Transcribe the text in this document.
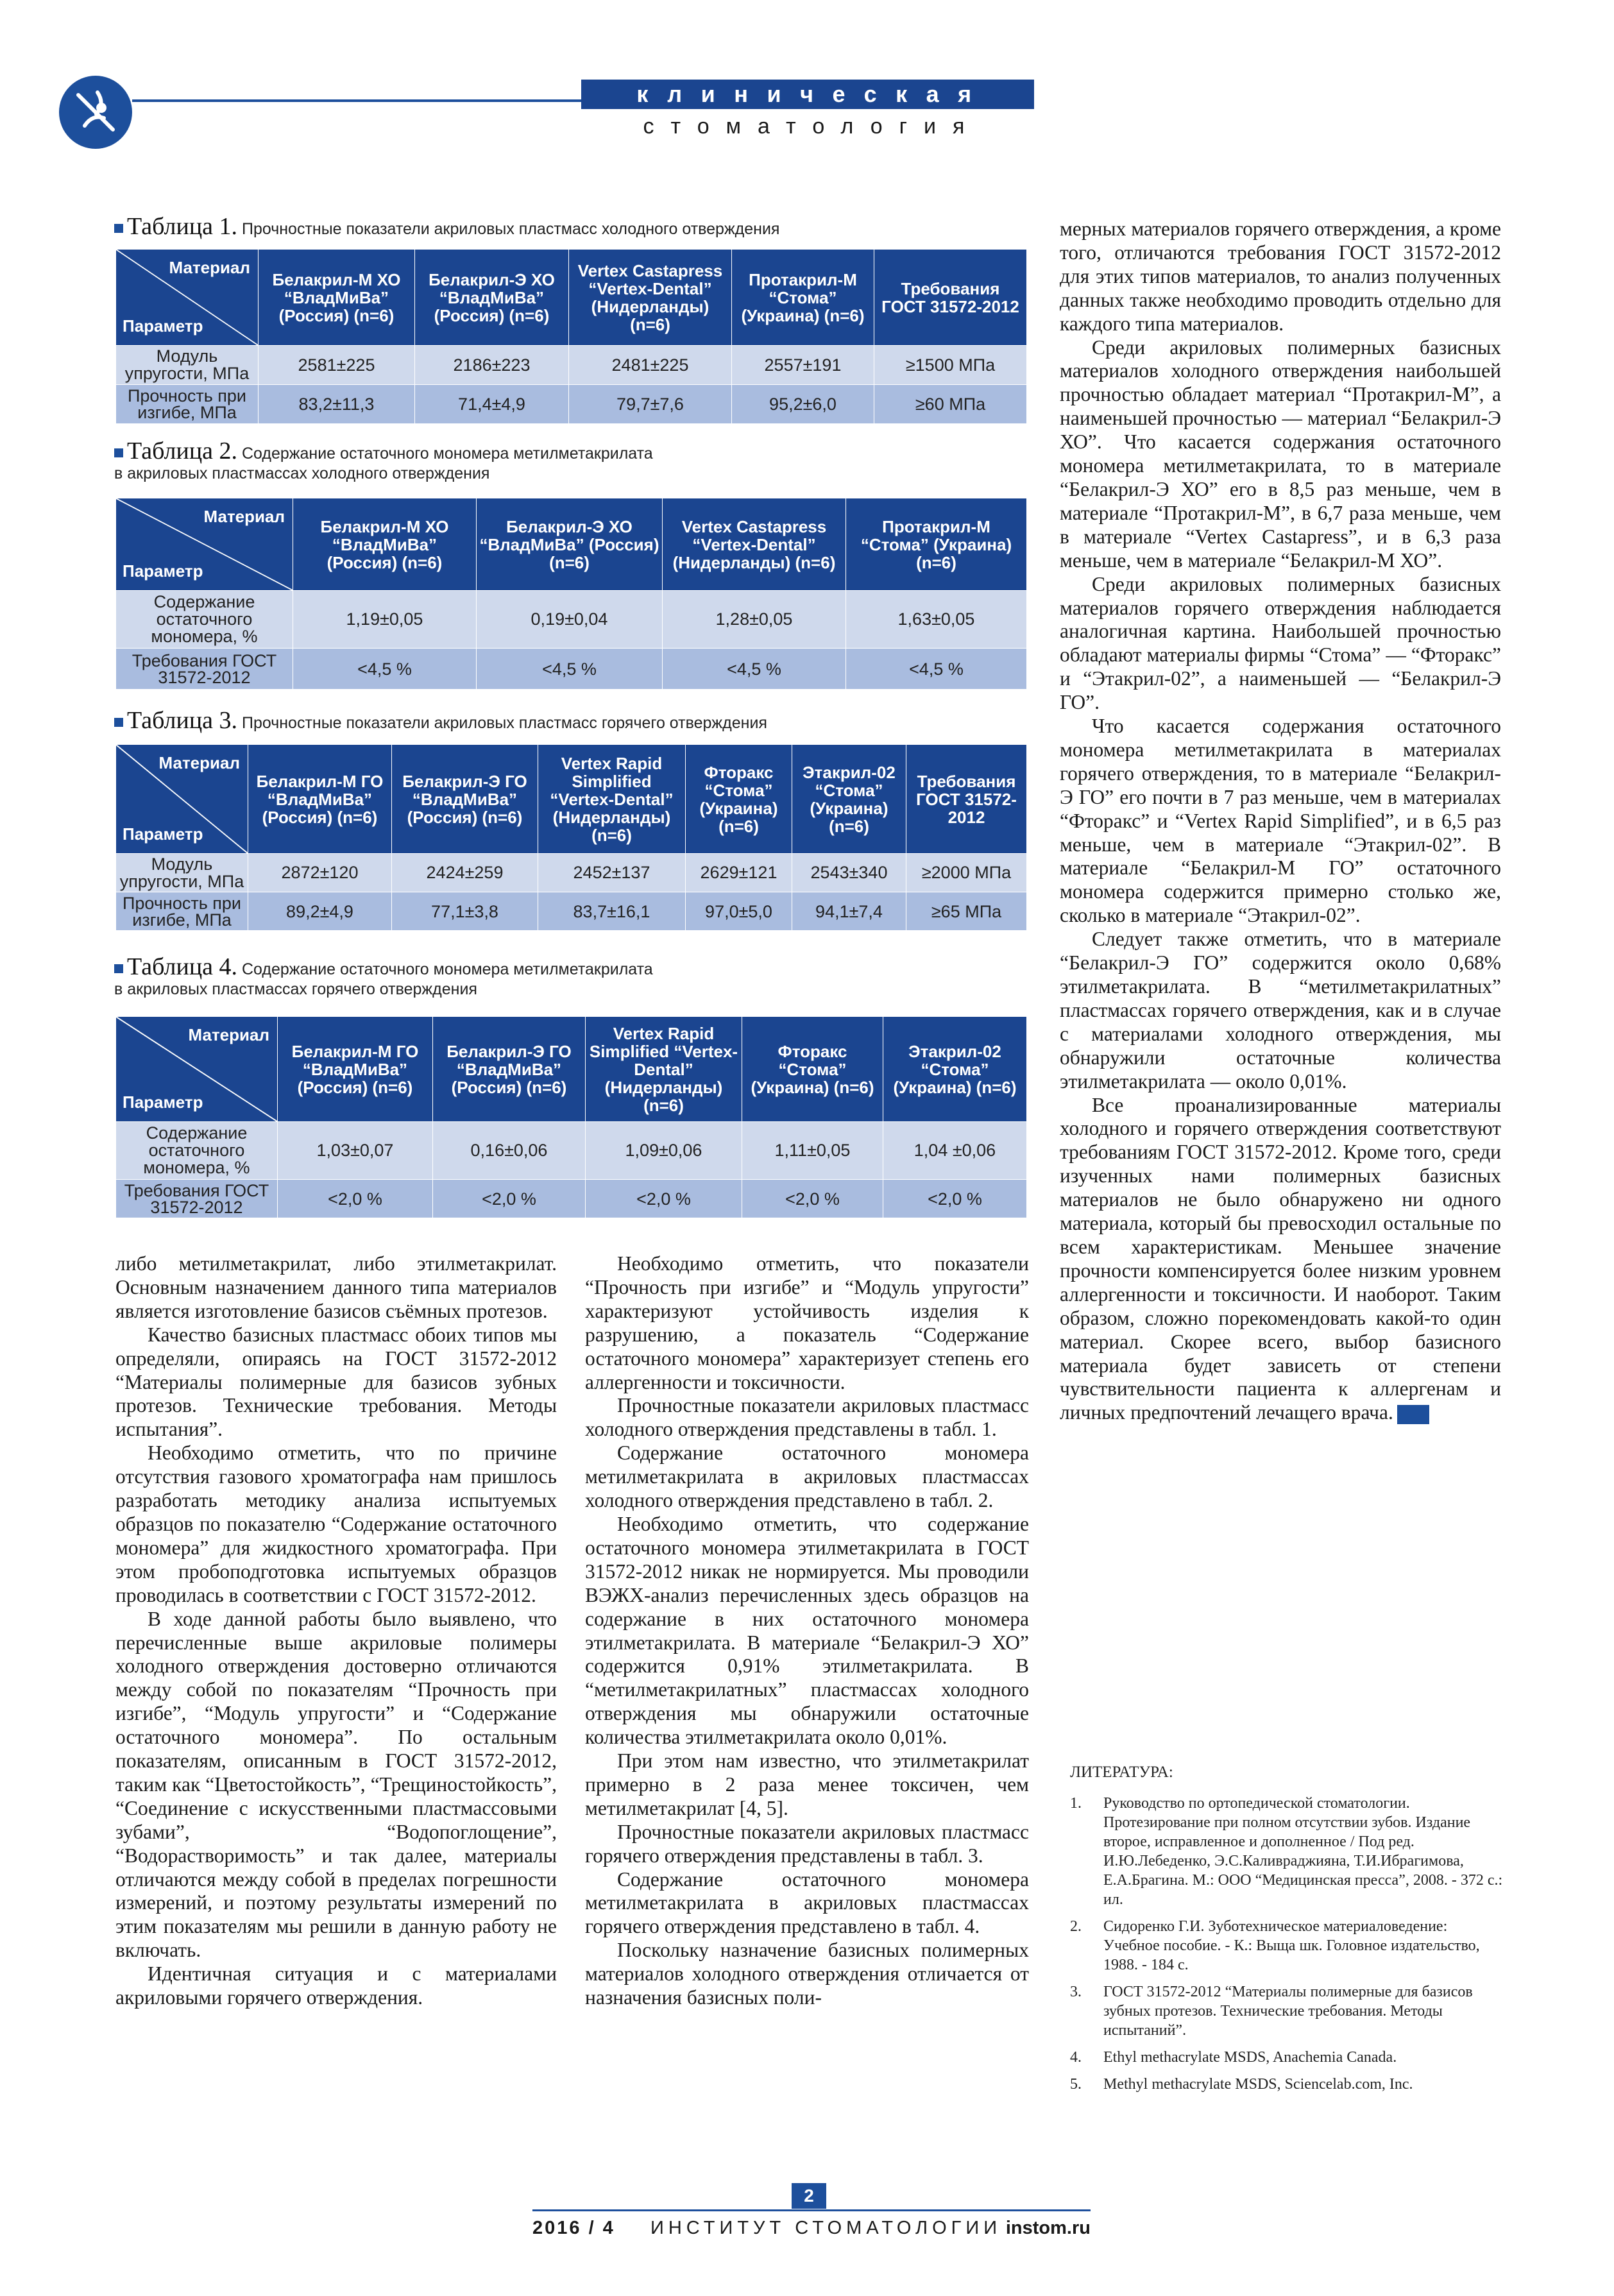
клиническая
стоматология
Таблица 1. Прочностные показатели акриловых пластмасс холодного отверждения
Материал
Параметр	Белакрил-М ХО “ВладМиВа” (Россия) (n=6)	Белакрил-Э ХО “ВладМиВа” (Россия) (n=6)	Vertex Castapress “Vertex-Dental” (Нидерланды) (n=6)	Протакрил-М “Стома” (Украина) (n=6)	Требования ГОСТ 31572-2012
Модуль упругости, МПа	2581±225	2186±223	2481±225	2557±191	≥1500 МПа
Прочность при изгибе, МПа	83,2±11,3	71,4±4,9	79,7±7,6	95,2±6,0	≥60 МПа
Таблица 2. Содержание остаточного мономера метилметакрилата
в акриловых пластмассах холодного отверждения
Материал
Параметр	Белакрил-М ХО “ВладМиВа” (Россия) (n=6)	Белакрил-Э ХО “ВладМиВа” (Россия) (n=6)	Vertex Castapress “Vertex-Dental” (Нидерланды) (n=6)	Протакрил-М “Стома” (Украина) (n=6)
Содержание остаточного мономера, %	1,19±0,05	0,19±0,04	1,28±0,05	1,63±0,05
Требования ГОСТ 31572-2012	<4,5 %	<4,5 %	<4,5 %	<4,5 %
Таблица 3. Прочностные показатели акриловых пластмасс горячего отверждения
Материал
Параметр	Белакрил-М ГО “ВладМиВа” (Россия) (n=6)	Белакрил-Э ГО “ВладМиВа” (Россия) (n=6)	Vertex Rapid Simplified “Vertex-Dental” (Нидерланды) (n=6)	Фторакс “Стома” (Украина) (n=6)	Этакрил-02 “Стома” (Украина) (n=6)	Требования ГОСТ 31572-2012
Модуль упругости, МПа	2872±120	2424±259	2452±137	2629±121	2543±340	≥2000 МПа
Прочность при изгибе, МПа	89,2±4,9	77,1±3,8	83,7±16,1	97,0±5,0	94,1±7,4	≥65 МПа
Таблица 4. Содержание остаточного мономера метилметакрилата
в акриловых пластмассах горячего отверждения
Материал
Параметр	Белакрил-М ГО “ВладМиВа” (Россия) (n=6)	Белакрил-Э ГО “ВладМиВа” (Россия) (n=6)	Vertex Rapid Simplified “Vertex-Dental” (Нидерланды) (n=6)	Фторакс “Стома” (Украина) (n=6)	Этакрил-02 “Стома” (Украина) (n=6)
Содержание остаточного мономера, %	1,03±0,07	0,16±0,06	1,09±0,06	1,11±0,05	1,04 ±0,06
Требования ГОСТ 31572-2012	<2,0 %	<2,0 %	<2,0 %	<2,0 %	<2,0 %

либо метилметакрилат, либо этилметакрилат. Основным назначением данного типа материалов является изготовление базисов съёмных протезов.

Качество базисных пластмасс обоих типов мы определяли, опираясь на ГОСТ 31572-2012 “Материалы полимерные для базисов зубных протезов. Технические требования. Методы испытания”.

Необходимо отметить, что по причине отсутствия газового хроматографа нам пришлось разработать методику анализа испытуемых образцов по показателю “Содержание остаточного мономера” для жидкостного хроматографа. При этом пробоподготовка испытуемых образцов проводилась в соответствии с ГОСТ 31572-2012.

В ходе данной работы было выявлено, что перечисленные выше акриловые полимеры холодного отверждения достоверно отличаются между собой по показателям “Прочность при изгибе”, “Модуль упругости” и “Содержание остаточного мономера”. По остальным показателям, описанным в ГОСТ 31572-2012, таким как “Цветостойкость”, “Трещиностойкость”, “Соединение с искусственными пластмассовыми зубами”, “Водопоглощение”, “Водорастворимость” и так далее, материалы отличаются между собой в пределах погрешности измерений, и поэтому результаты измерений по этим показателям мы решили в данную работу не включать.

Идентичная ситуация и с материалами акриловыми горячего отверждения.

Необходимо отметить, что показатели “Прочность при изгибе” и “Модуль упругости” характеризуют устойчивость изделия к разрушению, а показатель “Содержание остаточного мономера” характеризует степень его аллергенности и токсичности.

Прочностные показатели акриловых пластмасс холодного отверждения представлены в табл. 1.

Содержание остаточного мономера метилметакрилата в акриловых пластмассах холодного отверждения представлено в табл. 2.

Необходимо отметить, что содержание остаточного мономера этилметакрилата в ГОСТ 31572-2012 никак не нормируется. Мы проводили ВЭЖХ-анализ перечисленных здесь образцов на содержание в них остаточного мономера этилметакрилата. В материале “Белакрил-Э ХО” содержится 0,91% этилметакрилата. В “метилметакрилатных” пластмассах холодного отверждения мы обнаружили остаточные количества этилметакрилата около 0,01%.

При этом нам известно, что этилметакрилат примерно в 2 раза менее токсичен, чем метилметакрилат [4, 5].

Прочностные показатели акриловых пластмасс горячего отверждения представлены в табл. 3.

Содержание остаточного мономера метилметакрилата в акриловых пластмассах горячего отверждения представлено в табл. 4.

Поскольку назначение базисных полимерных материалов холодного отверждения отличается от назначения базисных поли-

мерных материалов горячего отверждения, а кроме того, отличаются требования ГОСТ 31572-2012 для этих типов материалов, то анализ полученных данных также необходимо проводить отдельно для каждого типа материалов.

Среди акриловых полимерных базисных материалов холодного отверждения наибольшей прочностью обладает материал “Протакрил-М”, а наименьшей прочностью — материал “Белакрил-Э ХО”. Что касается содержания остаточного мономера метилметакрилата, то в материале “Белакрил-Э ХО” его в 8,5 раз меньше, чем в материале “Протакрил-М”, в 6,7 раза меньше, чем в материале “Vertex Castapress”, и в 6,3 раза меньше, чем в материале “Белакрил-М ХО”.

Среди акриловых полимерных базисных материалов горячего отверждения наблюдается аналогичная картина. Наибольшей прочностью обладают материалы фирмы “Стома” — “Фторакс” и “Этакрил-02”, а наименьшей — “Белакрил-Э ГО”.

Что касается содержания остаточного мономера метилметакрилата в материалах горячего отверждения, то в материале “Белакрил-Э ГО” его почти в 7 раз меньше, чем в материалах “Фторакс” и “Vertex Rapid Simplified”, и в 6,5 раз меньше, чем в материале “Этакрил-02”. В материале “Белакрил-М ГО” остаточного мономера содержится примерно столько же, сколько в материале “Этакрил-02”.

Следует также отметить, что в материале “Белакрил-Э ГО” содержится около 0,68% этилметакрилата. В “метилметакрилатных” пластмассах горячего отверждения, как и в случае с материалами холодного отверждения, мы обнаружили остаточные количества этилметакрилата — около 0,01%.

Все проанализированные материалы холодного и горячего отверждения соответствуют требованиям ГОСТ 31572-2012. Кроме того, среди изученных нами полимерных базисных материалов не было обнаружено ни одного материала, который бы превосходил остальные по всем характеристикам. Меньшее значение прочности компенсируется более низким уровнем аллергенности и токсичности. И наоборот. Таким образом, сложно порекомендовать какой-то один материал. Скорее всего, выбор базисного материала будет зависеть от степени чувствительности пациента к аллергенам и личных предпочтений лечащего врача. ИС

ЛИТЕРАТУРА:
1. Руководство по ортопедической стоматологии. Протезирование при полном отсутствии зубов. Издание второе, исправленное и дополненное / Под ред. И.Ю.Лебеденко, Э.С.Каливраджияна, Т.И.Ибрагимова, Е.А.Брагина. М.: ООО “Медицинская пресса”, 2008. - 372 с.: ил.
2. Сидоренко Г.И. Зуботехническое материаловедение: Учебное пособие. - К.: Выща шк. Головное издательство, 1988. - 184 с.
3. ГОСТ 31572-2012 “Материалы полимерные для базисов зубных протезов. Технические требования. Методы испытаний”.
4. Ethyl methacrylate MSDS, Anachemia Canada.
5. Methyl methacrylate MSDS, Sciencelab.com, Inc.
2
2016 / 4 ИНСТИТУТ СТОМАТОЛОГИИ instom.ru
